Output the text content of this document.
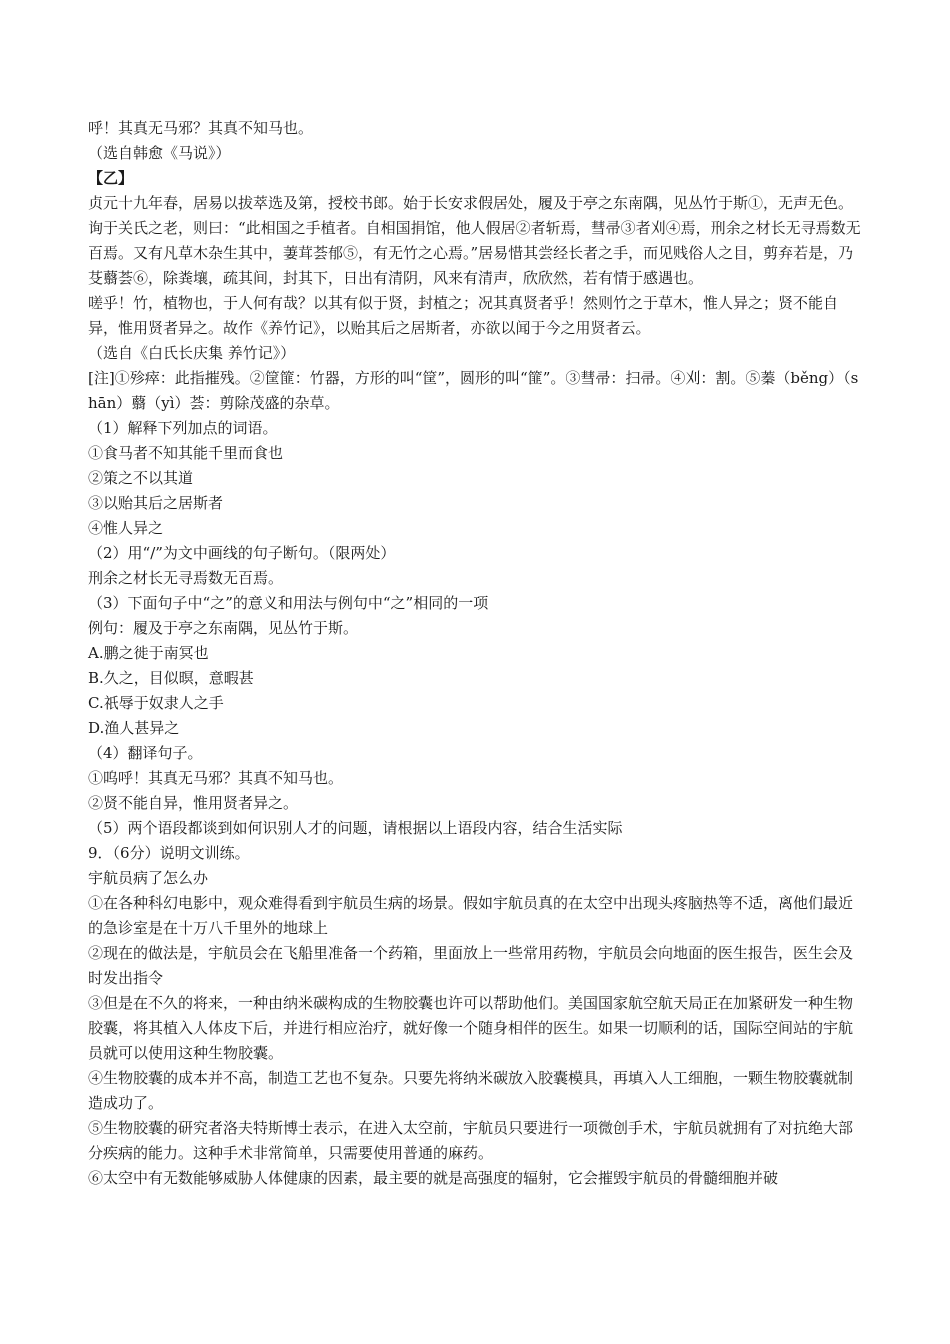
呼！其真无马邪？其真不知马也。

（选自韩愈《马说》）

【乙】

贞元十九年春，居易以拔萃选及第，授校书郎。始于长安求假居处，履及于亭之东南隅，见丛竹于斯①，无声无色。询于关氏之老，则曰：“此相国之手植者。自相国捐馆，他人假居②者斩焉，彗帚③者刈④焉，刑余之材长无寻焉数无百焉。又有凡草木杂生其中，萋茸荟郁⑤，有无竹之心焉。”居易惜其尝经长者之手，而见贱俗人之目，剪弃若是，乃芟蘙荟⑥，除粪壤，疏其间，封其下，日出有清阴，风来有清声，欣欣然，若有情于感遇也。

嗟乎！竹，植物也，于人何有哉？以其有似于贤，封植之；况其真贤者乎！然则竹之于草木，惟人异之；贤不能自异，惟用贤者异之。故作《养竹记》，以贻其后之居斯者，亦欲以闻于今之用贤者云。

（选自《白氏长庆集 养竹记》）

[注]①殄瘁：此指摧残。②筐篚：竹器，方形的叫“筐”，圆形的叫“篚”。③彗帚：扫帚。④刈：割。⑤蓁（běng）（shān）蘙（yì）荟：剪除茂盛的杂草。

（1）解释下列加点的词语。

①食马者不知其能千里而食也

②策之不以其道

③以贻其后之居斯者

④惟人异之

（2）用“/”为文中画线的句子断句。（限两处）

刑余之材长无寻焉数无百焉。

（3）下面句子中“之”的意义和用法与例句中“之”相同的一项

例句：履及于亭之东南隅，见丛竹于斯。

A.鹏之徙于南冥也

B.久之，目似暝，意暇甚

C.祇辱于奴隶人之手

D.渔人甚异之

（4）翻译句子。

①呜呼！其真无马邪？其真不知马也。

②贤不能自异，惟用贤者异之。

（5）两个语段都谈到如何识别人才的问题，请根据以上语段内容，结合生活实际

9．（6分）说明文训练。

宇航员病了怎么办

①在各种科幻电影中，观众难得看到宇航员生病的场景。假如宇航员真的在太空中出现头疼脑热等不适，离他们最近的急诊室是在十万八千里外的地球上

②现在的做法是，宇航员会在飞船里准备一个药箱，里面放上一些常用药物，宇航员会向地面的医生报告，医生会及时发出指令

③但是在不久的将来，一种由纳米碳构成的生物胶囊也许可以帮助他们。美国国家航空航天局正在加紧研发一种生物胶囊，将其植入人体皮下后，并进行相应治疗，就好像一个随身相伴的医生。如果一切顺利的话，国际空间站的宇航员就可以使用这种生物胶囊。

④生物胶囊的成本并不高，制造工艺也不复杂。只要先将纳米碳放入胶囊模具，再填入人工细胞，一颗生物胶囊就制造成功了。

⑤生物胶囊的研究者洛夫特斯博士表示，在进入太空前，宇航员只要进行一项微创手术，宇航员就拥有了对抗绝大部分疾病的能力。这种手术非常简单，只需要使用普通的麻药。

⑥太空中有无数能够威胁人体健康的因素，最主要的就是高强度的辐射，它会摧毁宇航员的骨髓细胞并破
